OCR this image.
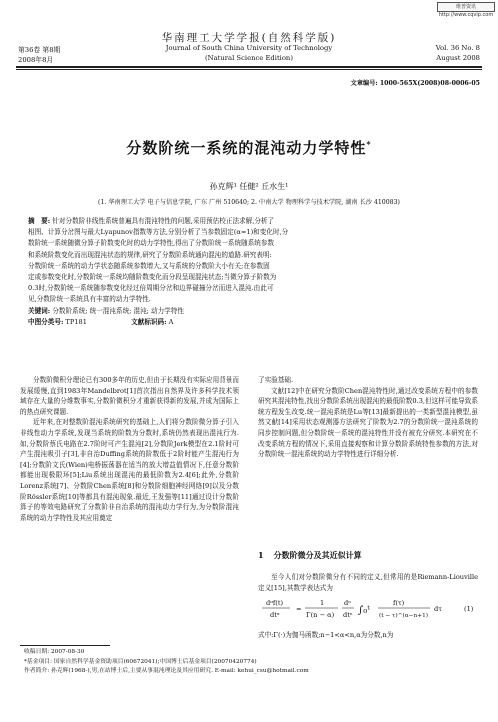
维普资讯 http://www.cqvip.com
华南理工大学学报(自然科学版)
Journal of South China University of Technology
(Natural Science Edition)
第36卷 第8期
2008年8月
Vol. 36 No. 8
August 2008
文章编号: 1000-565X(2008)08-0006-05
分数阶统一系统的混沌动力学特性*
孙克辉¹ 任健² 丘水生¹
(1. 华南理工大学 电子与信息学院, 广东 广州 510640; 2. 中南大学 物理科学与技术学院, 湖南 长沙 410083)
摘　要: 针对分数阶非线性系统普遍具有混沌特性的问题,采用预估校正法求解,分析了
相图、计算分岔图与最大Lyapunov指数等方法,分别分析了当参数固定(α=1)和变化时,分
数阶统一系统随微分算子阶数变化时的动力学特性,得出了分数阶统一系统随系统参数
和系统阶数变化而出现混沌状态的规律,研究了分数阶系统通向混沌的道路.研究表明:
分数阶统一系统的动力学状态随系统参数增大,又与系统的分数阶大小有关;在参数固
定或参数变化时,分数阶统一系统均随阶数变化而分段呈现混沌状态;当微分算子阶数为
0.3时,分数阶统一系统随参数变化经过倍周期分岔和边界碰撞分岔而进入混沌.由此可
见,分数阶统一系统具有丰富的动力学特性.
关键词: 分数阶系统; 统一混沌系统; 混沌; 动力学特性
中图分类号: TP181	文献标识码: A

分数阶微积分理论已有300多年的历史,但由于长期没有实际应用背景而发展缓慢,直到1983年Mandelbrot[1]首次指出自然界及许多科学技术领域存在大量的分维数事实,分数阶微积分才重新获得新的发展,并成为国际上的热点研究课题.

近年来,在对整数阶混沌系统研究的基础上,人们将分数阶微分算子引入非线性动力学系统,发现当系统的阶数为分数时,系统仍然表现出混沌行为.如,分数阶蔡氏电路在2.7阶时可产生混沌[2],分数阶Jerk模型在2.1阶时可产生混沌吸引子[3],非自治Duffing系统的阶数低于2阶时能产生混沌行为[4];分数阶文氏(Wien)电桥振荡器在适当的放大增益值情况下,任意分数阶都能出现极限环[5];Liu系统出现混沌的最低阶数为2.4[6];此外,分数阶Lorenz系统[7]、分数阶Chen系统[8]和分数阶细胞神经网络[9]以及分数阶Rössler系统[10]等都具有混沌现象.最近,王发强等[11]通过设计分数阶算子的等效电路研究了分数阶非自治系统的混沌动力学行为,为分数阶混沌系统的动力学特性及其应用奠定

了实验基础.

文献[12]中在研究分数阶Chen混沌特性时,通过改变系统方程中的参数研究其混沌特性,找出分数阶系统出现混沌的最低阶数0.3,但这样可能导致系统方程发生改变.统一混沌系统是Lu等[13]最新提出的一类新型混沌模型,虽然文献[14]采用状态观测器方法研究了阶数为2.7的分数阶统一混沌系统的同步控制问题,但分数阶统一系统的混沌特性并没有被充分研究.本研究在不改变系统方程的情况下,采用直接观察和计算分数阶系统特性参数的方法,对分数阶统一混沌系统的动力学特性进行详细分析.

1 分数阶微分及其近似计算

至今人们对分数阶微分有不同的定义,但常用的是Riemann-Liouville定义[15],其数学表达式为

dᵅf(t)
dtᵅ
=
1
Γ(n − α)
dⁿ
dtⁿ ∫₀ᵗ
f(τ)
(t − τ)^(α−n+1)
dτ	(1)

式中:Γ(·)为伽马函数;n−1<α<n,α为分数,n为

收稿日期: 2007-08-30
*基金项目: 国家自然科学基金资助项目(60672041);中国博士后基金项目(20070420774)
作者简介: 孙克辉(1968-),男,在站博士后,主要从事混沌理论及其应用研究. E-mail: kehui_csu@hotmail.com
